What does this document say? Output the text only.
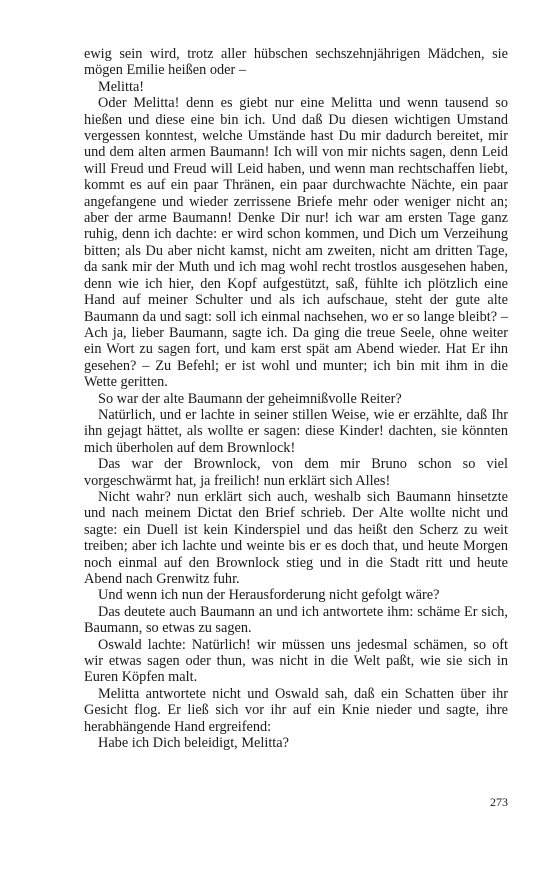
ewig sein wird, trotz aller hübschen sechszehnjährigen Mädchen, sie mögen Emilie heißen oder –

Melitta!

Oder Melitta! denn es giebt nur eine Melitta und wenn tausend so hießen und diese eine bin ich. Und daß Du diesen wichtigen Umstand vergessen konntest, welche Umstände hast Du mir dadurch bereitet, mir und dem alten armen Baumann! Ich will von mir nichts sagen, denn Leid will Freud und Freud will Leid haben, und wenn man rechtschaffen liebt, kommt es auf ein paar Thränen, ein paar durchwachte Nächte, ein paar angefangene und wieder zerrissene Briefe mehr oder weniger nicht an; aber der arme Baumann! Denke Dir nur! ich war am ersten Tage ganz ruhig, denn ich dachte: er wird schon kommen, und Dich um Verzeihung bitten; als Du aber nicht kamst, nicht am zweiten, nicht am dritten Tage, da sank mir der Muth und ich mag wohl recht trostlos ausgesehen haben, denn wie ich hier, den Kopf aufgestützt, saß, fühlte ich plötzlich eine Hand auf meiner Schulter und als ich aufschaue, steht der gute alte Baumann da und sagt: soll ich einmal nachsehen, wo er so lange bleibt? – Ach ja, lieber Baumann, sagte ich. Da ging die treue Seele, ohne weiter ein Wort zu sagen fort, und kam erst spät am Abend wieder. Hat Er ihn gesehen? – Zu Befehl; er ist wohl und munter; ich bin mit ihm in die Wette geritten.

So war der alte Baumann der geheimnißvolle Reiter?

Natürlich, und er lachte in seiner stillen Weise, wie er erzählte, daß Ihr ihn gejagt hättet, als wollte er sagen: diese Kinder! dachten, sie könnten mich überholen auf dem Brownlock!

Das war der Brownlock, von dem mir Bruno schon so viel vorgeschwärmt hat, ja freilich! nun erklärt sich Alles!

Nicht wahr? nun erklärt sich auch, weshalb sich Baumann hinsetzte und nach meinem Dictat den Brief schrieb. Der Alte wollte nicht und sagte: ein Duell ist kein Kinderspiel und das heißt den Scherz zu weit treiben; aber ich lachte und weinte bis er es doch that, und heute Morgen noch einmal auf den Brownlock stieg und in die Stadt ritt und heute Abend nach Grenwitz fuhr.

Und wenn ich nun der Herausforderung nicht gefolgt wäre?

Das deutete auch Baumann an und ich antwortete ihm: schäme Er sich, Baumann, so etwas zu sagen.

Oswald lachte: Natürlich! wir müssen uns jedesmal schämen, so oft wir etwas sagen oder thun, was nicht in die Welt paßt, wie sie sich in Euren Köpfen malt.

Melitta antwortete nicht und Oswald sah, daß ein Schatten über ihr Gesicht flog. Er ließ sich vor ihr auf ein Knie nieder und sagte, ihre herabhängende Hand ergreifend:

Habe ich Dich beleidigt, Melitta?

273
